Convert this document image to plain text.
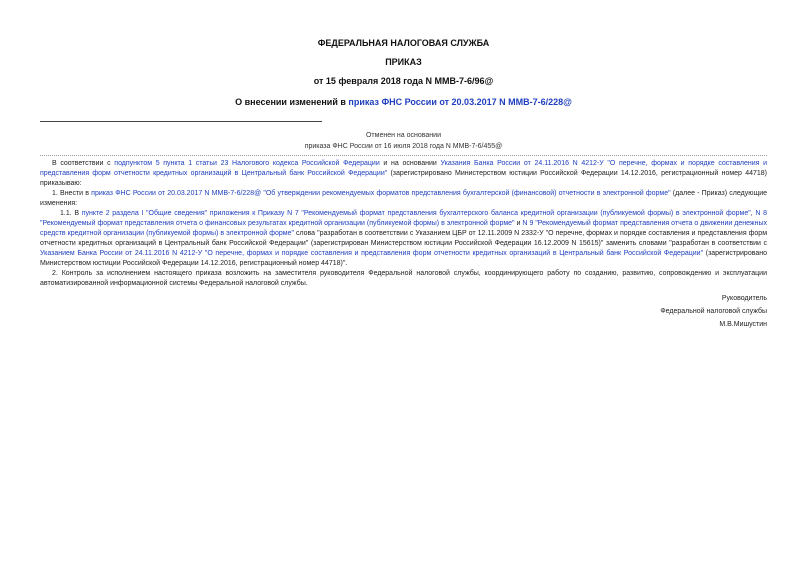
ФЕДЕРАЛЬНАЯ НАЛОГОВАЯ СЛУЖБА
ПРИКАЗ
от 15 февраля 2018 года N ММВ-7-6/96@
О внесении изменений в приказ ФНС России от 20.03.2017 N ММВ-7-6/228@
Отменен на основании
приказа ФНС России от 16 июля 2018 года N ММВ-7-6/455@

В соответствии с подпунктом 5 пункта 1 статьи 23 Налогового кодекса Российской Федерации и на основании Указания Банка России от 24.11.2016 N 4212-У "О перечне, формах и порядке составления и представления форм отчетности кредитных организаций в Центральный банк Российской Федерации" (зарегистрировано Министерством юстиции Российской Федерации 14.12.2016, регистрационный номер 44718) приказываю:

1. Внести в приказ ФНС России от 20.03.2017 N ММВ-7-6/228@ "Об утверждении рекомендуемых форматов представления бухгалтерской (финансовой) отчетности в электронной форме" (далее - Приказ) следующие изменения:

1.1. В пункте 2 раздела I "Общие сведения" приложения к Приказу N 7 "Рекомендуемый формат представления бухгалтерского баланса кредитной организации (публикуемой формы) в электронной форме", N 8 "Рекомендуемый формат представления отчета о финансовых результатах кредитной организации (публикуемой формы) в электронной форме" и N 9 "Рекомендуемый формат представления отчета о движении денежных средств кредитной организации (публикуемой формы) в электронной форме" слова "разработан в соответствии с Указанием ЦБР от 12.11.2009 N 2332-У "О перечне, формах и порядке составления и представления форм отчетности кредитных организаций в Центральный банк Российской Федерации" (зарегистрирован Министерством юстиции Российской Федерации 16.12.2009 N 15615)" заменить словами "разработан в соответствии с Указанием Банка России от 24.11.2016 N 4212-У "О перечне, формах и порядке составления и представления форм отчетности кредитных организаций в Центральный банк Российской Федерации" (зарегистрировано Министерством юстиции Российской Федерации 14.12.2016, регистрационный номер 44718)".

2. Контроль за исполнением настоящего приказа возложить на заместителя руководителя Федеральной налоговой службы, координирующего работу по созданию, развитию, сопровождению и эксплуатации автоматизированной информационной системы Федеральной налоговой службы.

Руководитель
Федеральной налоговой службы
М.В.Мишустин
